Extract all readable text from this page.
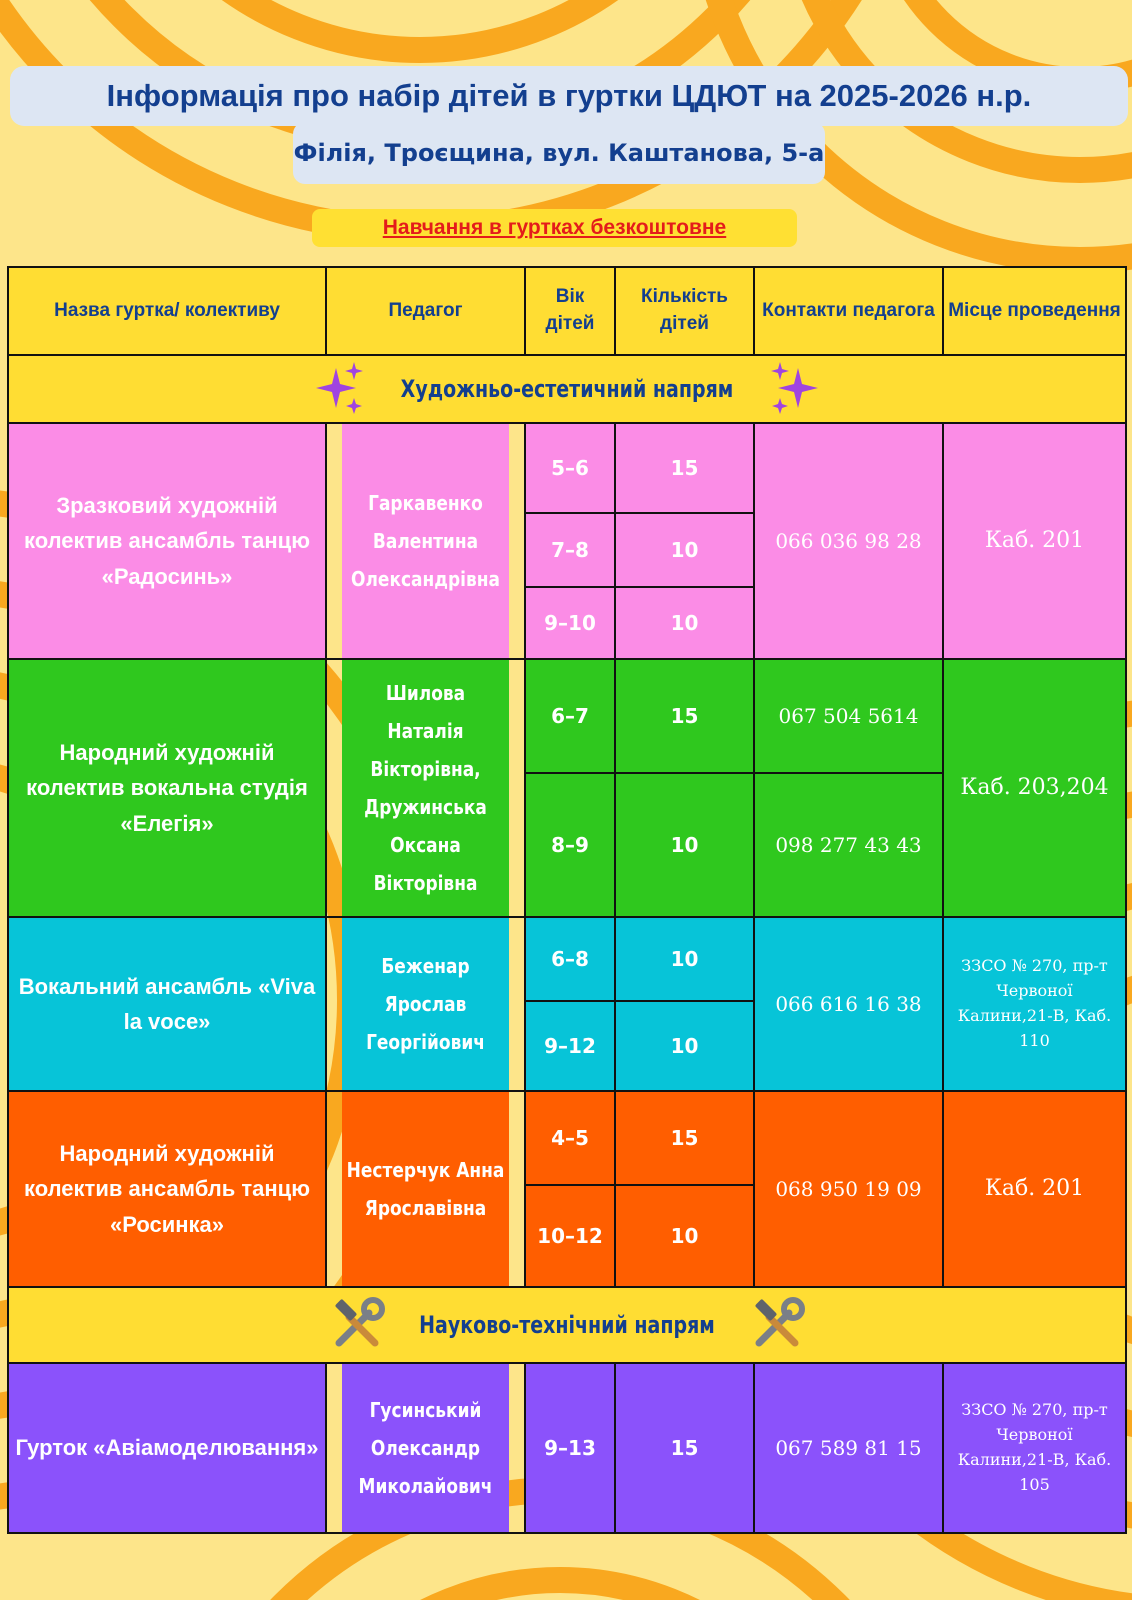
Інформація про набір дітей в гуртки ЦДЮТ на 2025-2026 н.р.
Філія, Троєщина, вул. Каштанова, 5-а
Навчання в гуртках безкоштовне
Назва гуртка/ колективу	Педагог	Вік дітей	Кількість дітей	Контакти педагога	Місце проведення

Художньо-естетичний напрям					

Зразковий художній колектив ансамбль танцю «Радосинь»	Гаркавенко Валентина Олександрівна	5–6	15	066 036 98 28	Каб. 201
		7–8	10		
		9–10	10		
Народний художній колектив вокальна студія «Елегія»	Шилова Наталія Вікторівна, Дружинська Оксана Вікторівна	6–7	15	067 504 5614	Каб. 203,204
		8–9	10	098 277 43 43	
Вокальний ансамбль «Viva la voce»	Беженар Ярослав Георгійович	6–8	10	066 616 16 38	ЗЗСО № 270, пр-т Червоної Калини,21-В, Каб. 110
		9–12	10		
Народний художній колектив ансамбль танцю «Росинка»	Нестерчук Анна Ярославівна	4–5	15	068 950 19 09	Каб. 201
		10–12	10		

Науково-технічний напрям					

Гурток «Авіамоделювання»	Гусинський Олександр Миколайович	9–13	15	067 589 81 15	ЗЗСО № 270, пр-т Червоної Калини,21-В, Каб. 105
